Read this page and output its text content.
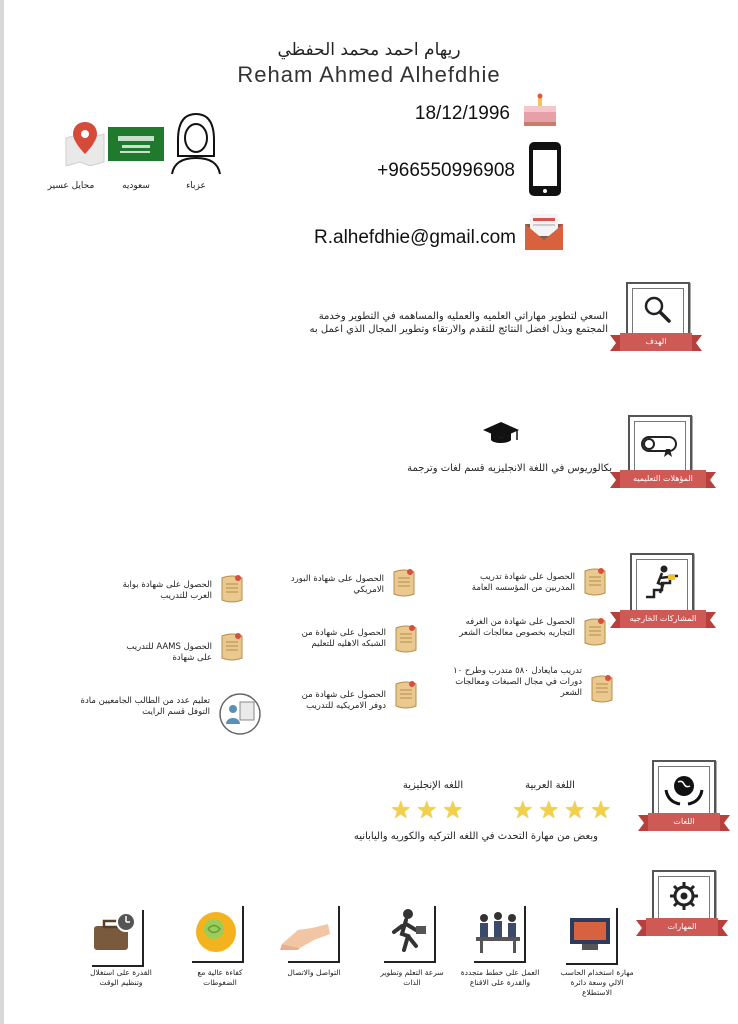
ريهام احمد محمد الحفظي
Reham Ahmed Alhefdhie
18/12/1996
+966550996908
R.alhefdhie@gmail.com
عزباء
سعوديه
محايل عسير
الهدف
السعي لتطوير مهاراتي العلميه والعمليه والمساهمه في التطوير وخدمة المجتمع وبذل افضل النتائج للتقدم والارتقاء وتطوير المجال الذي اعمل به
المؤهلات التعليميه
بكالوريوس في اللغة الانجليزيه قسم لغات وترجمة
المشاركات الخارجيه
الحصول على شهادة تدريب المدربين من المؤسسه العامة
الحصول على شهادة من الغرفه التجاريه بخصوص معالجات الشعر
تدريب مايعادل ٥٨٠ متدرب وطرح ١٠ دورات في مجال الصبغات ومعالجات الشعر
الحصول على شهادة البورد الامريكي
الحصول على شهادة من الشبكه الاهليه للتعليم
الحصول على شهادة من دوفر الامريكيه للتدريب
الحصول على شهادة بوابة العرب للتدريب
الحصول AAMS للتدريب على شهادة
تعليم عدد من الطالب الجامعيين مادة التوفل قسم الرايت
اللغات
اللغة العربية
★ ★ ★ ★
اللغه الإنجليزية
★ ★ ★
وبعض من مهارة التحدث في اللغه التركيه والكوريه واليابانيه
المهارات
مهارة استخدام الحاسب الالي وسعة دائرة الاستطلاع
العمل على خطط متجددة والقدرة على الاقناع
سرعة التعلم وتطوير الذات
التواصل والاتصال
كفاءة عالية مع الضغوطات
القدرة على استغلال وتنظيم الوقت
